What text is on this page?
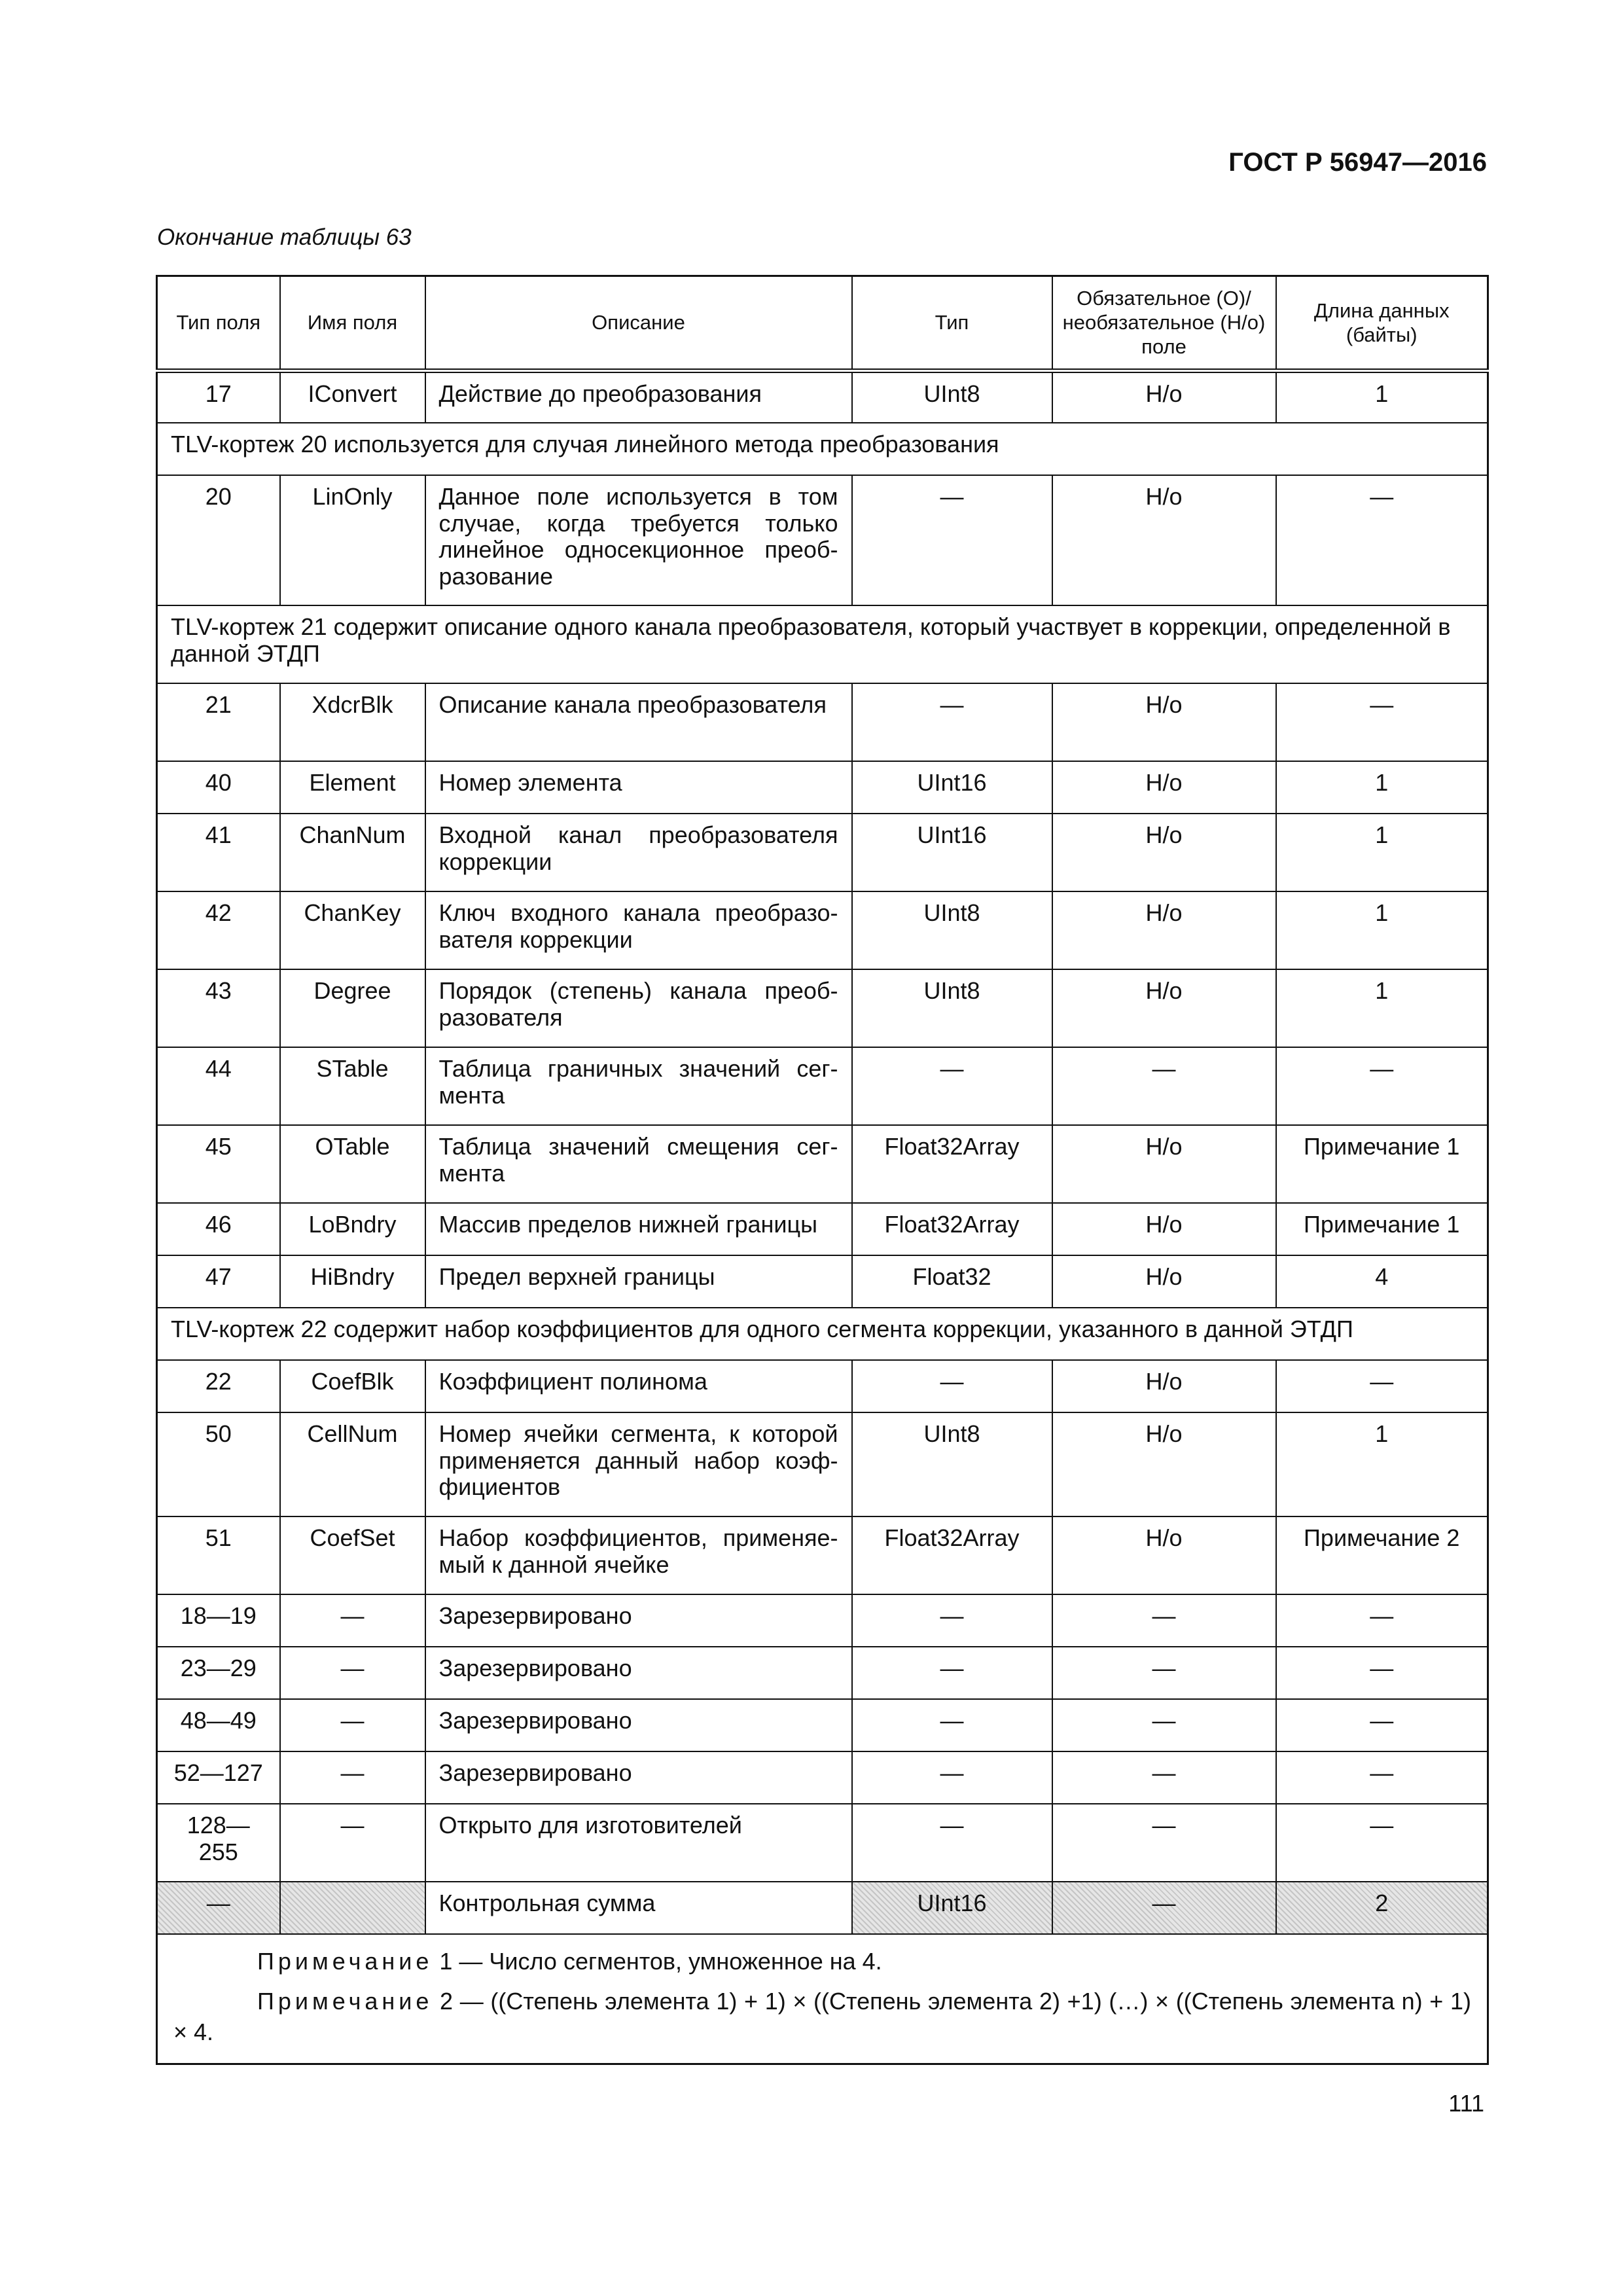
ГОСТ Р 56947—2016
Окончание таблицы 63
Тип поля	Имя поля	Описание	Тип	Обязательное (О)/ необязательное (Н/о) поле	Длина данных (байты)
17	IConvert	Действие до преобразования	UInt8	Н/о	1
TLV-кортеж 20 используется для случая линейного метода преобразования					
20	LinOnly	Данное поле используется в том случае, когда требуется только линейное односекционное преобразование	—	Н/о	—
TLV-кортеж 21 содержит описание одного канала преобразователя, который участвует в коррекции, определенной в данной ЭТДП					
21	XdcrBlk	Описание канала преобразователя	—	Н/о	—
40	Element	Номер элемента	UInt16	Н/о	1
41	ChanNum	Входной канал преобразователя коррекции	UInt16	Н/о	1
42	ChanKey	Ключ входного канала преобразователя коррекции	UInt8	Н/о	1
43	Degree	Порядок (степень) канала преобразователя	UInt8	Н/о	1
44	STable	Таблица граничных значений сегмента	—	—	—
45	OTable	Таблица значений смещения сегмента	Float32Array	Н/о	Примечание 1
46	LoBndry	Массив пределов нижней границы	Float32Array	Н/о	Примечание 1
47	HiBndry	Предел верхней границы	Float32	Н/о	4
TLV-кортеж 22 содержит набор коэффициентов для одного сегмента коррекции, указанного в данной ЭТДП					
22	CoefBlk	Коэффициент полинома	—	Н/о	—
50	CellNum	Номер ячейки сегмента, к которой применяется данный набор коэффициентов	UInt8	Н/о	1
51	CoefSet	Набор коэффициентов, применяемый к данной ячейке	Float32Array	Н/о	Примечание 2
18—19	—	Зарезервировано	—	—	—
23—29	—	Зарезервировано	—	—	—
48—49	—	Зарезервировано	—	—	—
52—127	—	Зарезервировано	—	—	—
128—255	—	Открыто для изготовителей	—	—	—
—		Контрольная сумма	UInt16	—	2

Примечание 1 — Число сегментов, умноженное на 4.

Примечание 2 — ((Степень элемента 1) + 1) × ((Степень элемента 2) +1) (…) × ((Степень элемента n) + 1) × 4.					

111
